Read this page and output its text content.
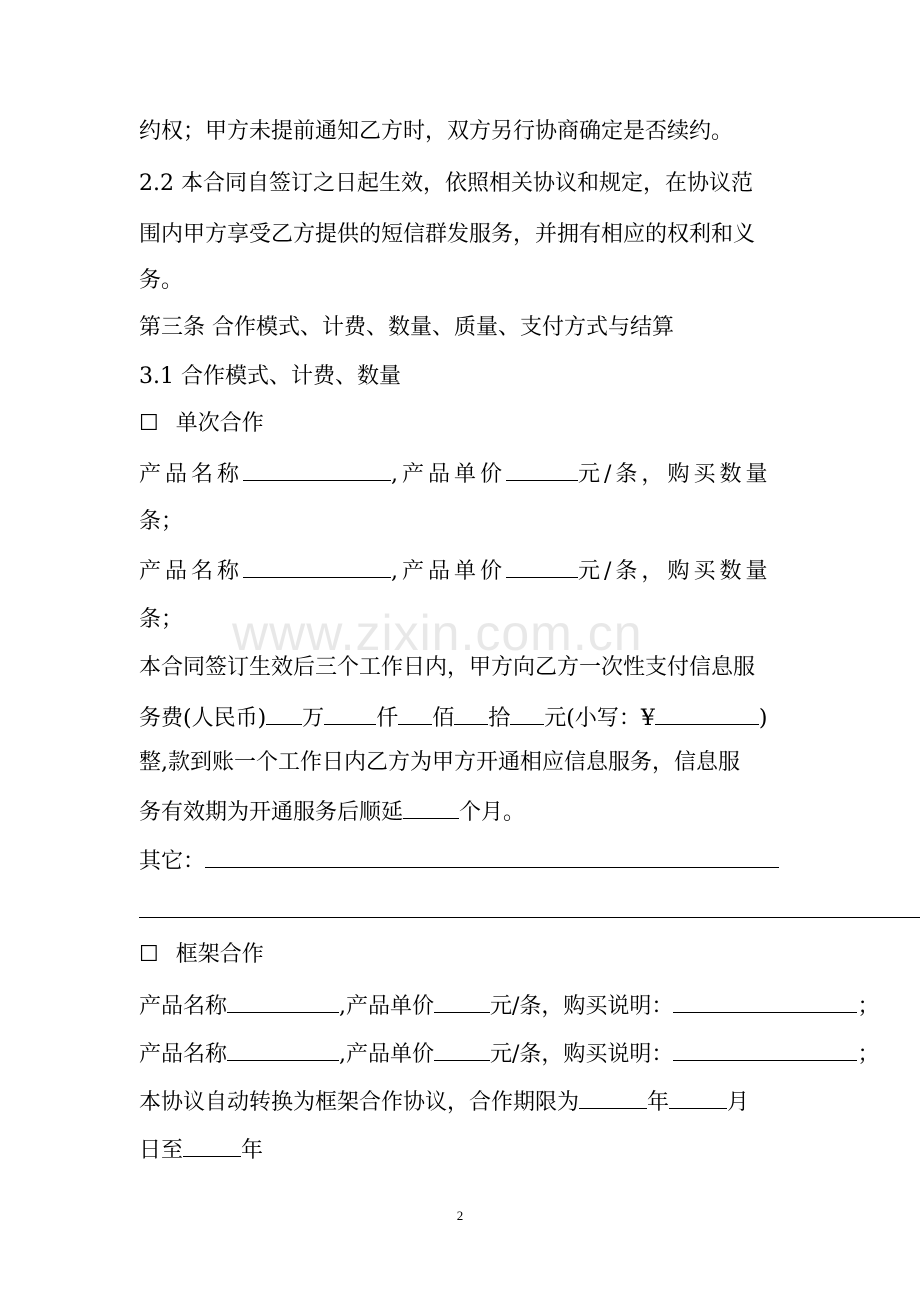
www.zixin.com.cn
约权；甲方未提前通知乙方时，双方另行协商确定是否续约。
2.2 本合同自签订之日起生效，依照相关协议和规定，在协议范
围内甲方享受乙方提供的短信群发服务，并拥有相应的权利和义
务。
第三条 合作模式、计费、数量、质量、支付方式与结算
3.1 合作模式、计费、数量
☐ 单次合作
产品名称	,产品单价	元/条，购买数量
条；
产品名称	,产品单价	元/条，购买数量
条；
本合同签订生效后三个工作日内，甲方向乙方一次性支付信息服
务费(人民币) 万 仟 佰 拾 元(小写：¥	)
整,款到账一个工作日内乙方为甲方开通相应信息服务，信息服
务有效期为开通服务后顺延	个月。
其它：
☐ 框架合作
产品名称	,产品单价	元/条，购买说明：	；
产品名称	,产品单价	元/条，购买说明：	；
本协议自动转换为框架合作协议，合作期限为	年	月
日至	年
2
